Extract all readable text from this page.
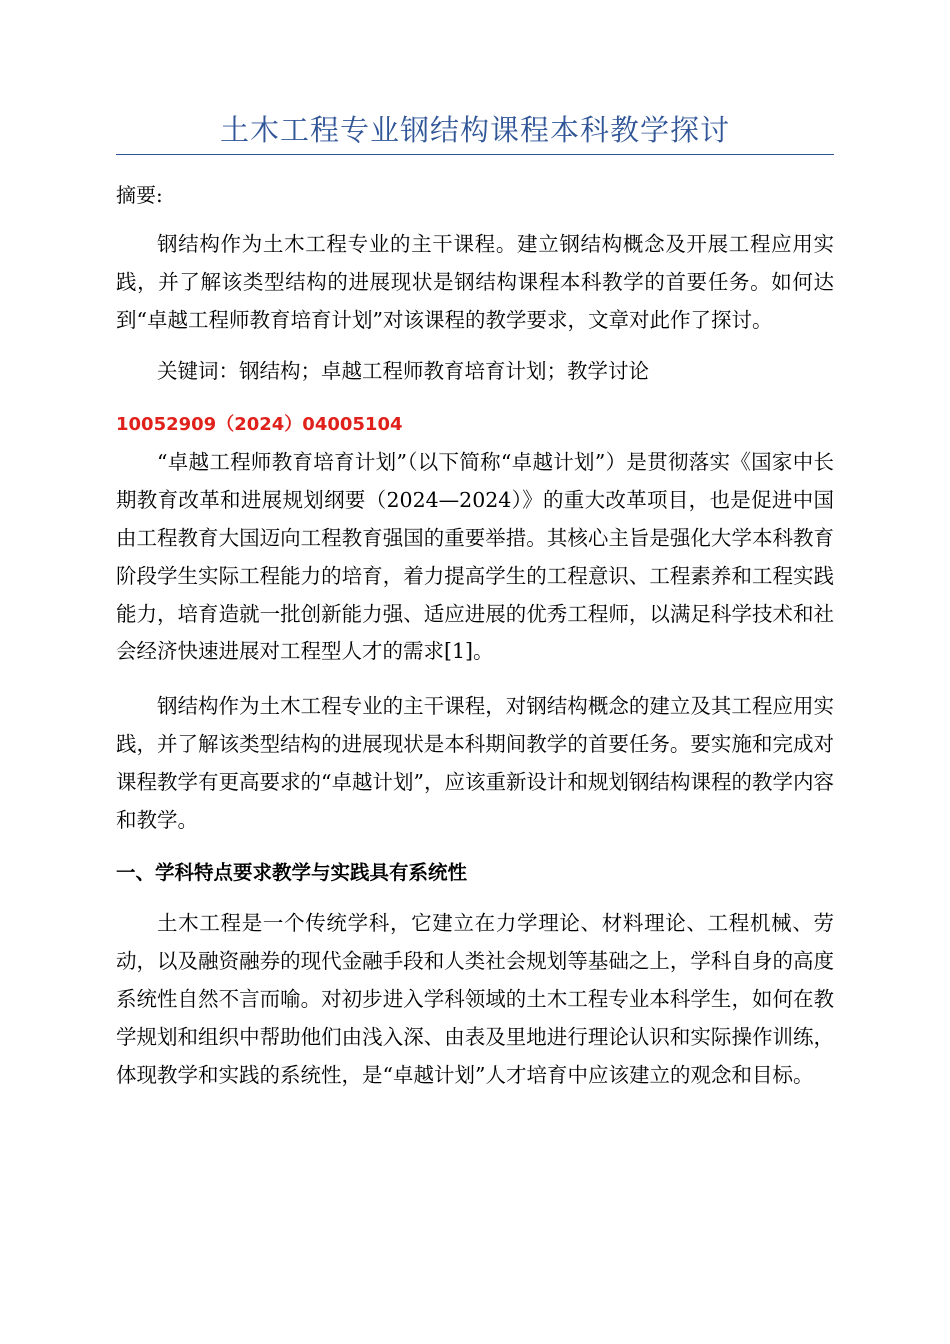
土木工程专业钢结构课程本科教学探讨
摘要:

钢结构作为土木工程专业的主干课程。建立钢结构概念及开展工程应用实践，并了解该类型结构的进展现状是钢结构课程本科教学的首要任务。如何达到“卓越工程师教育培育计划”对该课程的教学要求，文章对此作了探讨。

关键词：钢结构；卓越工程师教育培育计划；教学讨论
10052909（2024）04005104

“卓越工程师教育培育计划”（以下简称“卓越计划”）是贯彻落实《国家中长期教育改革和进展规划纲要（2024—2024）》的重大改革项目，也是促进中国由工程教育大国迈向工程教育强国的重要举措。其核心主旨是强化大学本科教育阶段学生实际工程能力的培育，着力提高学生的工程意识、工程素养和工程实践能力，培育造就一批创新能力强、适应进展的优秀工程师，以满足科学技术和社会经济快速进展对工程型人才的需求[1]。

钢结构作为土木工程专业的主干课程，对钢结构概念的建立及其工程应用实践，并了解该类型结构的进展现状是本科期间教学的首要任务。要实施和完成对课程教学有更高要求的“卓越计划”，应该重新设计和规划钢结构课程的教学内容和教学。

一、学科特点要求教学与实践具有系统性

土木工程是一个传统学科，它建立在力学理论、材料理论、工程机械、劳动，以及融资融券的现代金融手段和人类社会规划等基础之上，学科自身的高度系统性自然不言而喻。对初步进入学科领域的土木工程专业本科学生，如何在教学规划和组织中帮助他们由浅入深、由表及里地进行理论认识和实际操作训练，体现教学和实践的系统性，是“卓越计划”人才培育中应该建立的观念和目标。
